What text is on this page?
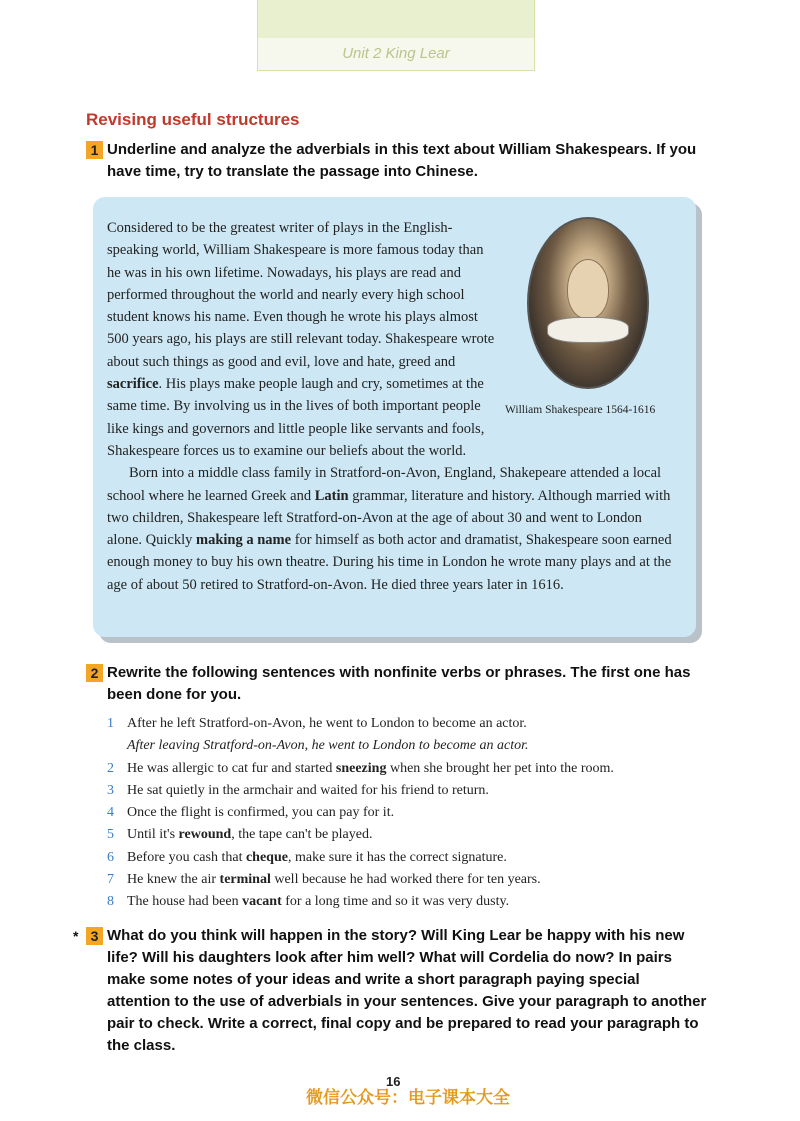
Unit 2 King Lear
Revising useful structures
1 Underline and analyze the adverbials in this text about William Shakespears. If you have time, try to translate the passage into Chinese.
William Shakespeare 1564-1616

Considered to be the greatest writer of plays in the English-speaking world, William Shakespeare is more famous today than he was in his own lifetime. Nowadays, his plays are read and performed throughout the world and nearly every high school student knows his name. Even though he wrote his plays almost 500 years ago, his plays are still relevant today. Shakespeare wrote about such things as good and evil, love and hate, greed and sacrifice. His plays make people laugh and cry, sometimes at the same time. By involving us in the lives of both important people like kings and governors and little people like servants and fools, Shakespeare forces us to examine our beliefs about the world.

Born into a middle class family in Stratford-on-Avon, England, Shakepeare attended a local school where he learned Greek and Latin grammar, literature and history. Although married with two children, Shakespeare left Stratford-on-Avon at the age of about 30 and went to London alone. Quickly making a name for himself as both actor and dramatist, Shakespeare soon earned enough money to buy his own theatre. During his time in London he wrote many plays and at the age of about 50 retired to Stratford-on-Avon. He died three years later in 1616.

2 Rewrite the following sentences with nonfinite verbs or phrases. The first one has been done for you.
1 After he left Stratford-on-Avon, he went to London to become an actor.
After leaving Stratford-on-Avon, he went to London to become an actor.
2 He was allergic to cat fur and started sneezing when she brought her pet into the room.
3 He sat quietly in the armchair and waited for his friend to return.
4 Once the flight is confirmed, you can pay for it.
5 Until it's rewound, the tape can't be played.
6 Before you cash that cheque, make sure it has the correct signature.
7 He knew the air terminal well because he had worked there for ten years.
8 The house had been vacant for a long time and so it was very dusty.
* 3 What do you think will happen in the story? Will King Lear be happy with his new life? Will his daughters look after him well? What will Cordelia do now? In pairs make some notes of your ideas and write a short paragraph paying special attention to the use of adverbials in your sentences. Give your paragraph to another pair to check. Write a correct, final copy and be prepared to read your paragraph to the class.
16
微信公众号：电子课本大全
